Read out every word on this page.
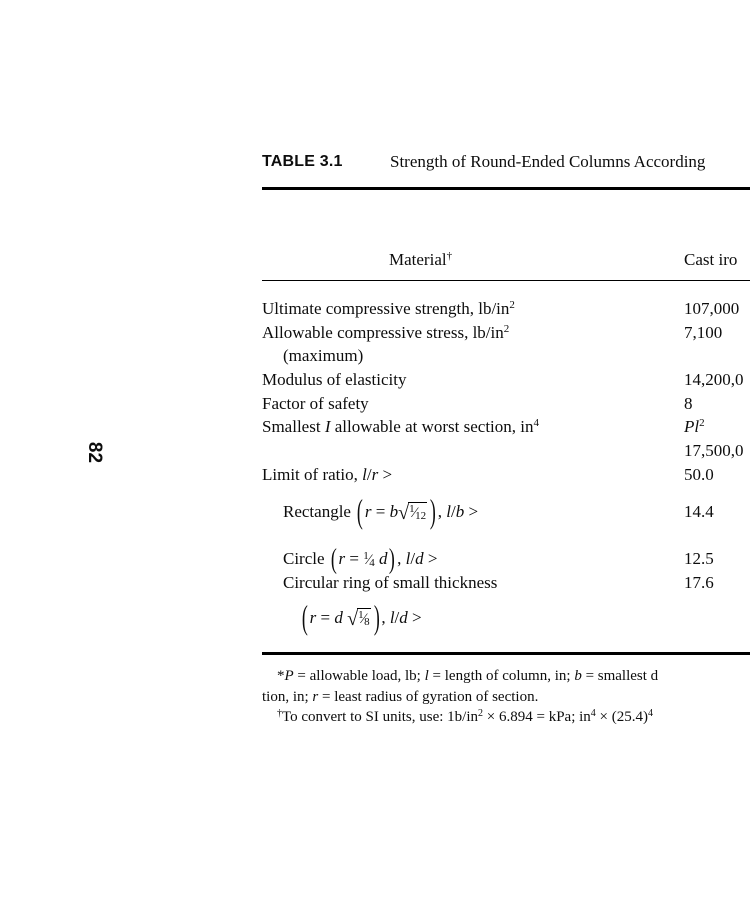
82
TABLE 3.1	Strength of Round-Ended Columns According
Material†	Cast iro
Ultimate compressive strength, $lb/in^2$	107,000
Allowable compressive stress, $lb/in^2$	7,100
(maximum)
Modulus of elasticity	14,200,0
Factor of safety	8
Smallest I allowable at worst section, $in^4$	Pl$^2$
17,500,0
Limit of ratio, l/r >	50.0
Rectangle ( r = b√$^1$⁄12 ) , l/b >	14.4
Circle ( r = $^1$⁄4 d ) , l/d >	12.5
Circular ring of small thickness	17.6
( r = d √$^1$⁄8 ) , l/d >
*P = allowable load, lb; l = length of column, in; b = smallest d
tion, in; r = least radius of gyration of section.
†To convert to SI units, use: $1b/in^2 \times 6.894$ = kPa; $in^4 \times (25.4)^4$
